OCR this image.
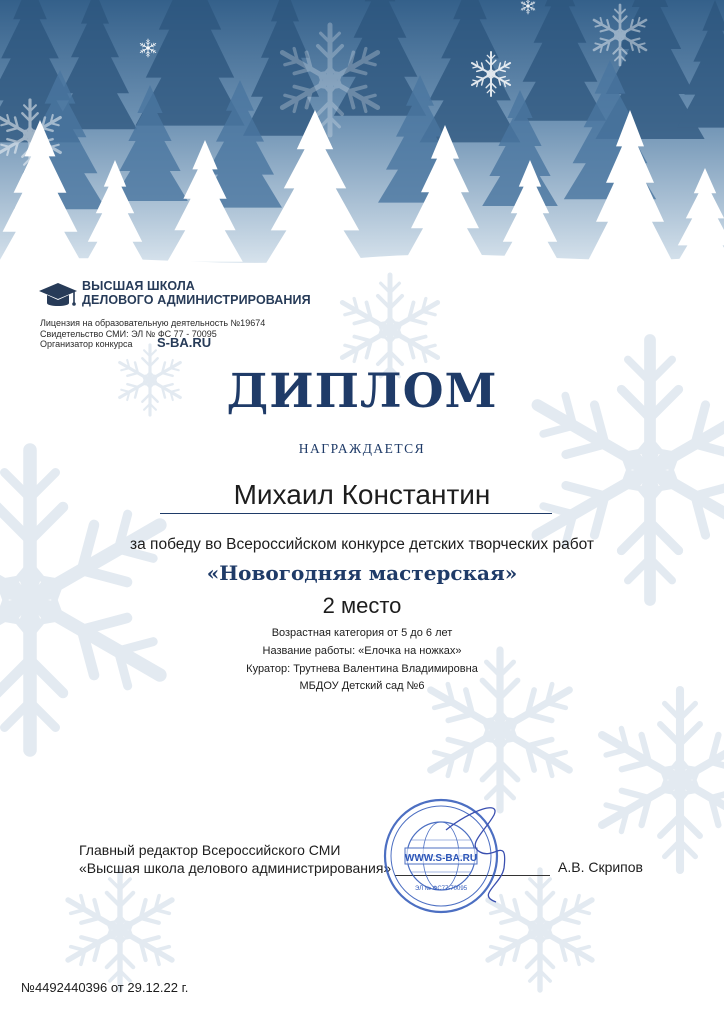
ВЫСШАЯ ШКОЛА
ДЕЛОВОГО АДМИНИСТРИРОВАНИЯ
Лицензия на образовательную деятельность №19674
Свидетельство СМИ: ЭЛ № ФС 77 - 70095
Организатор конкурса	S-BA.RU
ДИПЛОМ
НАГРАЖДАЕТСЯ
Михаил Константин
за победу во Всероссийском конкурсе детских творческих работ
«Новогодняя мастерская»
2 место
Возрастная категория от 5 до 6 лет
Название работы: «Елочка на ножках»
Куратор: Трутнева Валентина Владимировна
МБДОУ Детский сад №6
Главный редактор Всероссийского СМИ
«Высшая школа делового администрирования»	А.В. Скрипов
WWW.S-BA.RU
ЭЛ № ФС77-70095
№4492440396 от 29.12.22 г.
